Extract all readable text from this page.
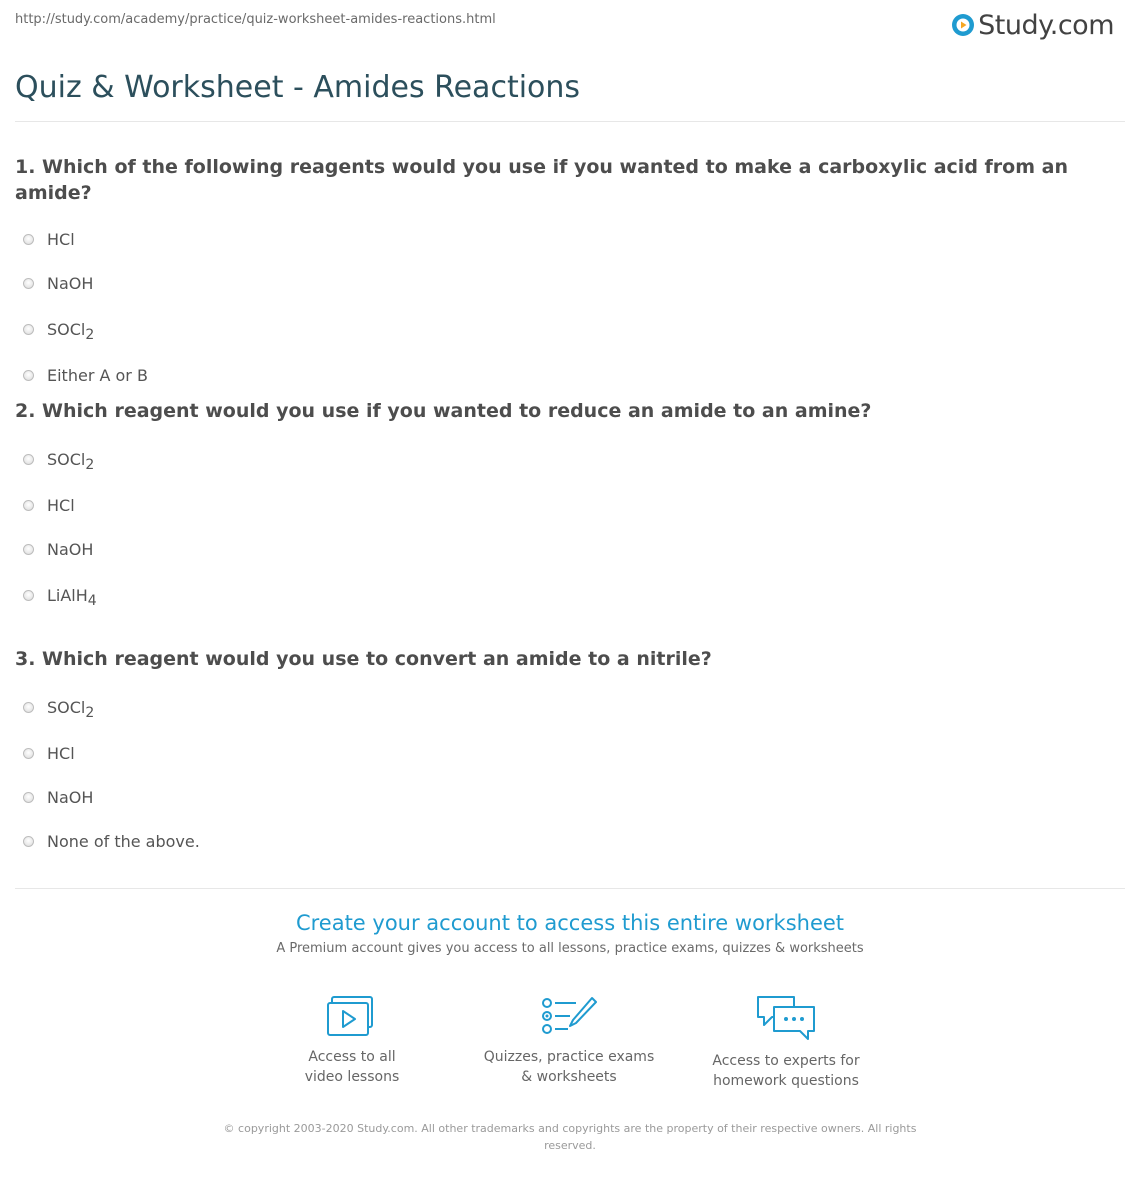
http://study.com/academy/practice/quiz-worksheet-amides-reactions.html	Study.com
Quiz & Worksheet - Amides Reactions
1. Which of the following reagents would you use if you wanted to make a carboxylic acid from an amide?
HCl
NaOH
SOCl$_2$
Either A or B
2. Which reagent would you use if you wanted to reduce an amide to an amine?
SOCl$_2$
HCl
NaOH
LiAlH$_4$
3. Which reagent would you use to convert an amide to a nitrile?
SOCl$_2$
HCl
NaOH
None of the above.
Create your account to access this entire worksheet
A Premium account gives you access to all lessons, practice exams, quizzes & worksheets
Access to all
video lessons
Quizzes, practice exams
& worksheets
Access to experts for
homework questions
© copyright 2003-2020 Study.com. All other trademarks and copyrights are the property of their respective owners. All rights reserved.
